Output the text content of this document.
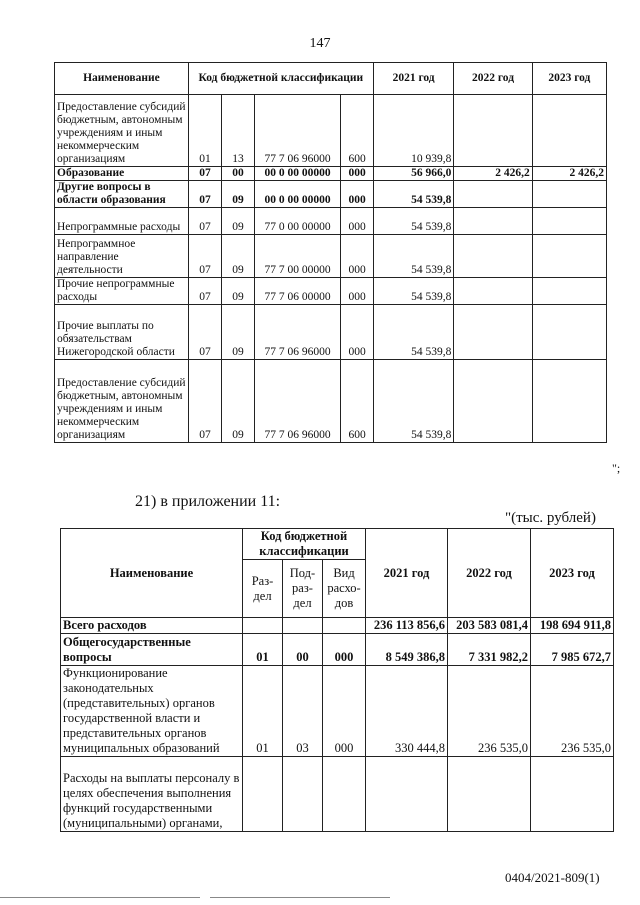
147
Наименование	Код бюджетной классификации				2021 год	2022 год	2023 год
Предоставление субсидий бюджетным, автономным учреждениям и иным некоммерческим организациям	01	13	77 7 06 96000	600	10 939,8		
Образование	07	00	00 0 00 00000	000	56 966,0	2 426,2	2 426,2
Другие вопросы в области образования	07	09	00 0 00 00000	000	54 539,8		
Непрограммные расходы	07	09	77 0 00 00000	000	54 539,8		
Непрограммное направление деятельности	07	09	77 7 00 00000	000	54 539,8		
Прочие непрограммные расходы	07	09	77 7 06 00000	000	54 539,8		
Прочие выплаты по обязательствам Нижегородской области	07	09	77 7 06 96000	000	54 539,8		
Предоставление субсидий бюджетным, автономным учреждениям и иным некоммерческим организациям	07	09	77 7 06 96000	600	54 539,8		
";
21) в приложении 11:
"(тыс. рублей)
Наименование	Код бюджетной классификации			2021 год	2022 год	2023 год
	Раз-дел	Под-раз-дел	Вид расхо-дов			
Всего расходов				236 113 856,6	203 583 081,4	198 694 911,8
Общегосударственные вопросы	01	00	000	8 549 386,8	7 331 982,2	7 985 672,7
Функционирование законодательных (представительных) органов государственной власти и представительных органов муниципальных образований	01	03	000	330 444,8	236 535,0	236 535,0
Расходы на выплаты персоналу в целях обеспечения выполнения функций государственными (муниципальными) органами,						
0404/2021-809(1)
